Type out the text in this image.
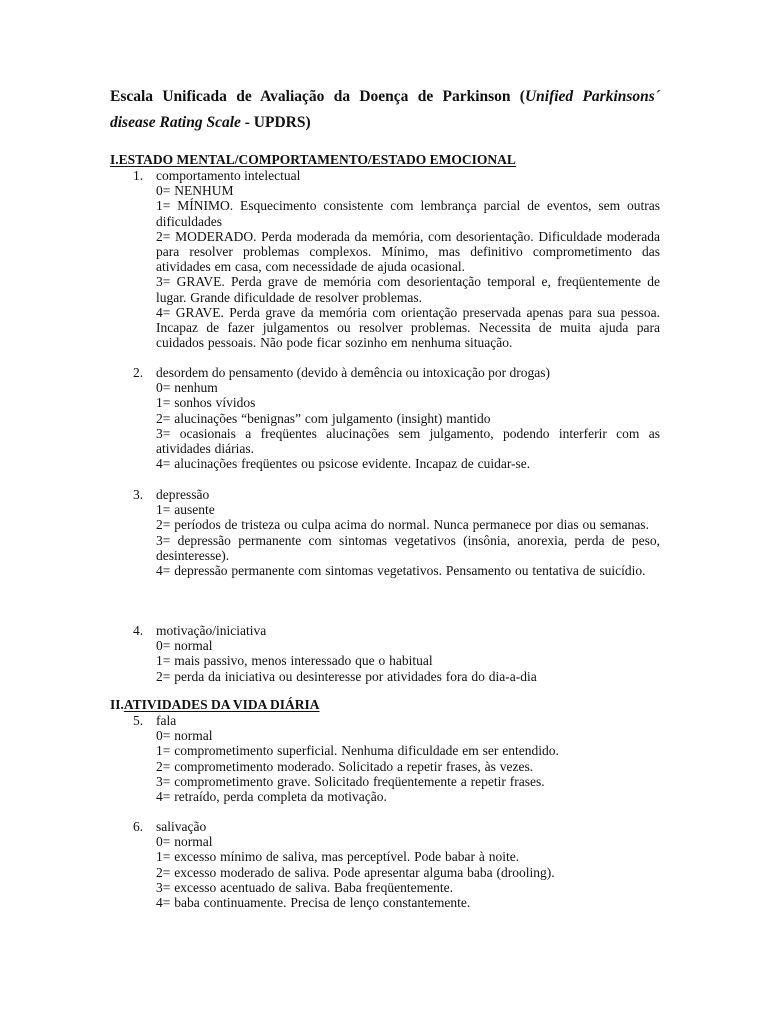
Escala Unificada de Avaliação da Doença de Parkinson (Unified Parkinsons´ disease Rating Scale - UPDRS)
I.ESTADO MENTAL/COMPORTAMENTO/ESTADO EMOCIONAL
1. comportamento intelectual
0= NENHUM
1= MÍNIMO. Esquecimento consistente com lembrança parcial de eventos, sem outras dificuldades
2= MODERADO. Perda moderada da memória, com desorientação. Dificuldade moderada para resolver problemas complexos. Mínimo, mas definitivo comprometimento das atividades em casa, com necessidade de ajuda ocasional.
3= GRAVE. Perda grave de memória com desorientação temporal e, freqüentemente de lugar. Grande dificuldade de resolver problemas.
4= GRAVE. Perda grave da memória com orientação preservada apenas para sua pessoa. Incapaz de fazer julgamentos ou resolver problemas. Necessita de muita ajuda para cuidados pessoais. Não pode ficar sozinho em nenhuma situação.
2. desordem do pensamento (devido à demência ou intoxicação por drogas)
0= nenhum
1= sonhos vívidos
2= alucinações “benignas” com julgamento (insight) mantido
3= ocasionais a freqüentes alucinações sem julgamento, podendo interferir com as atividades diárias.
4= alucinações freqüentes ou psicose evidente. Incapaz de cuidar-se.
3. depressão
1= ausente
2= períodos de tristeza ou culpa acima do normal. Nunca permanece por dias ou semanas.
3= depressão permanente com sintomas vegetativos (insônia, anorexia, perda de peso, desinteresse).
4= depressão permanente com sintomas vegetativos. Pensamento ou tentativa de suicídio.
4. motivação/iniciativa
0= normal
1= mais passivo, menos interessado que o habitual
2= perda da iniciativa ou desinteresse por atividades fora do dia-a-dia
II.ATIVIDADES DA VIDA DIÁRIA
5. fala
0= normal
1= comprometimento superficial. Nenhuma dificuldade em ser entendido.
2= comprometimento moderado. Solicitado a repetir frases, às vezes.
3= comprometimento grave. Solicitado freqüentemente a repetir frases.
4= retraído, perda completa da motivação.
6. salivação
0= normal
1= excesso mínimo de saliva, mas perceptível. Pode babar à noite.
2= excesso moderado de saliva. Pode apresentar alguma baba (drooling).
3= excesso acentuado de saliva. Baba freqüentemente.
4= baba continuamente. Precisa de lenço constantemente.
